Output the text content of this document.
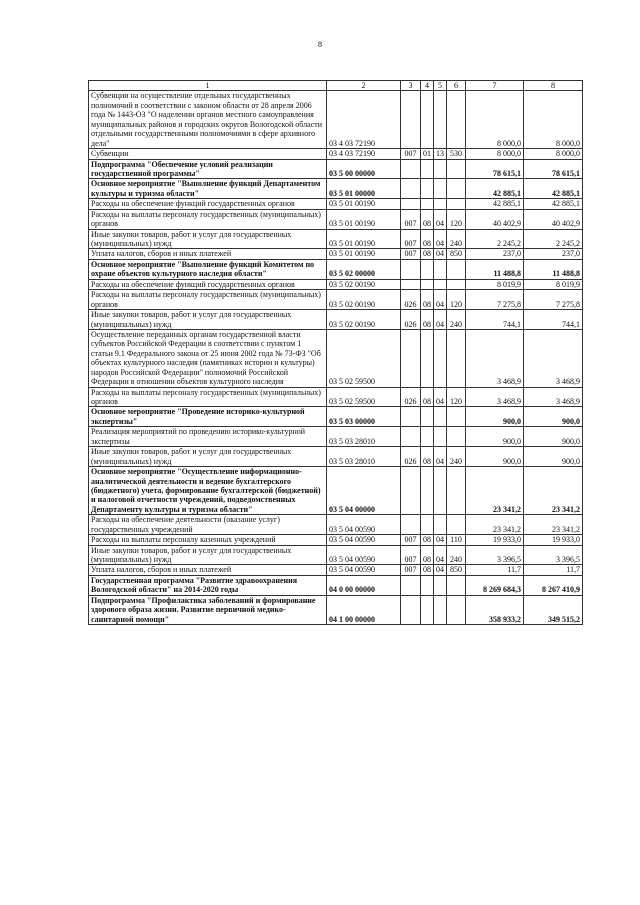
8
1	2	3	4	5	6	7	8
Субвенции на осуществление отдельных государственных полномочий в соответствии с законом области от 28 апреля 2006 года № 1443-ОЗ "О наделении органов местного самоуправления муниципальных районов и городских округов Вологодской области отдельными государственными полномочиями в сфере архивного дела"	03 4 03 72190					8 000,0	8 000,0
Субвенции	03 4 03 72190	007	01	13	530	8 000,0	8 000,0
Подпрограмма "Обеспечение условий реализации государственной программы"	03 5 00 00000					78 615,1	78 615,1
Основное мероприятие "Выполнение функций Департаментом культуры и туризма области"	03 5 01 00000					42 885,1	42 885,1
Расходы на обеспечение функций государственных органов	03 5 01 00190					42 885,1	42 885,1
Расходы на выплаты персоналу государственных (муниципальных) органов	03 5 01 00190	007	08	04	120	40 402,9	40 402,9
Иные закупки товаров, работ и услуг для государственных (муниципальных) нужд	03 5 01 00190	007	08	04	240	2 245,2	2 245,2
Уплата налогов, сборов и иных платежей	03 5 01 00190	007	08	04	850	237,0	237,0
Основное мероприятие "Выполнение функций Комитетом по охране объектов культурного наследия области"	03 5 02 00000					11 488,8	11 488,8
Расходы на обеспечение функций государственных органов	03 5 02 00190					8 019,9	8 019,9
Расходы на выплаты персоналу государственных (муниципальных) органов	03 5 02 00190	026	08	04	120	7 275,8	7 275,8
Иные закупки товаров, работ и услуг для государственных (муниципальных) нужд	03 5 02 00190	026	08	04	240	744,1	744,1
Осуществление переданных органам государственной власти субъектов Российской Федерации в соответствии с пунктом 1 статьи 9.1 Федерального закона от 25 июня 2002 года № 73-ФЗ "Об объектах культурного наследия (памятниках истории и культуры) народов Российской Федерации" полномочий Российской Федерации в отношении объектов культурного наследия	03 5 02 59500					3 468,9	3 468,9
Расходы на выплаты персоналу государственных (муниципальных) органов	03 5 02 59500	026	08	04	120	3 468,9	3 468,9
Основное мероприятие "Проведение историко-культурной экспертизы"	03 5 03 00000					900,0	900,0
Реализация мероприятий по проведению историко-культурной экспертизы	03 5 03 28010					900,0	900,0
Иные закупки товаров, работ и услуг для государственных (муниципальных) нужд	03 5 03 28010	026	08	04	240	900,0	900,0
Основное мероприятие "Осуществление информационно-аналитической деятельности и ведение бухгалтерского (бюджетного) учета, формирование бухгалтерской (бюджетной) и налоговой отчетности учреждений, подведомственных Департаменту культуры и туризма области"	03 5 04 00000					23 341,2	23 341,2
Расходы на обеспечение деятельности (оказание услуг) государственных учреждений	03 5 04 00590					23 341,2	23 341,2
Расходы на выплаты персоналу казенных учреждений	03 5 04 00590	007	08	04	110	19 933,0	19 933,0
Иные закупки товаров, работ и услуг для государственных (муниципальных) нужд	03 5 04 00590	007	08	04	240	3 396,5	3 396,5
Уплата налогов, сборов и иных платежей	03 5 04 00590	007	08	04	850	11,7	11,7
Государственная программа "Развитие здравоохранения Вологодской области" на 2014-2020 годы	04 0 00 00000					8 269 684,3	8 267 410,9
Подпрограмма "Профилактика заболеваний и формирование здорового образа жизни. Развитие первичной медико-санитарной помощи"	04 1 00 00000					358 933,2	349 515,2
